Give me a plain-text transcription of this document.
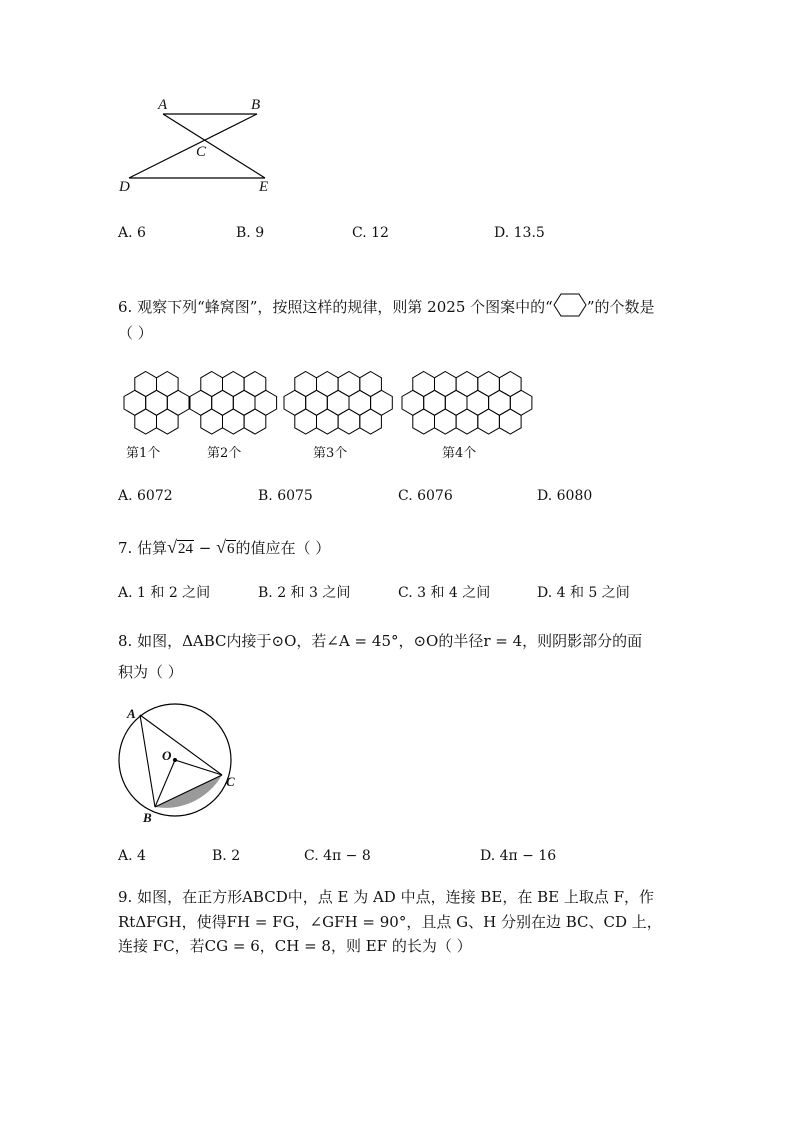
A	B
C
D	E
A. 6	B. 9	C. 12	D. 13.5
6. 观察下列“蜂窝图”，按照这样的规律，则第 2025 个图案中的“ ”的个数是
（ ）
第1个	第2个	第3个	第4个
A. 6072	B. 6075	C. 6076	D. 6080
7. 估算√24 − √6的值应在（ ）
A. 1 和 2 之间	B. 2 和 3 之间	C. 3 和 4 之间	D. 4 和 5 之间
8. 如图，ΔABC内接于⊙O，若∠A = 45°，⊙O的半径r = 4，则阴影部分的面
积为（ ）
A
O
C
B
A. 4	B. 2	C. 4π − 8	D. 4π − 16
9. 如图，在正方形ABCD中，点 E 为 AD 中点，连接 BE，在 BE 上取点 F，作
RtΔFGH，使得FH = FG，∠GFH = 90°，且点 G、H 分别在边 BC、CD 上，
连接 FC，若CG = 6，CH = 8，则 EF 的长为（ ）
